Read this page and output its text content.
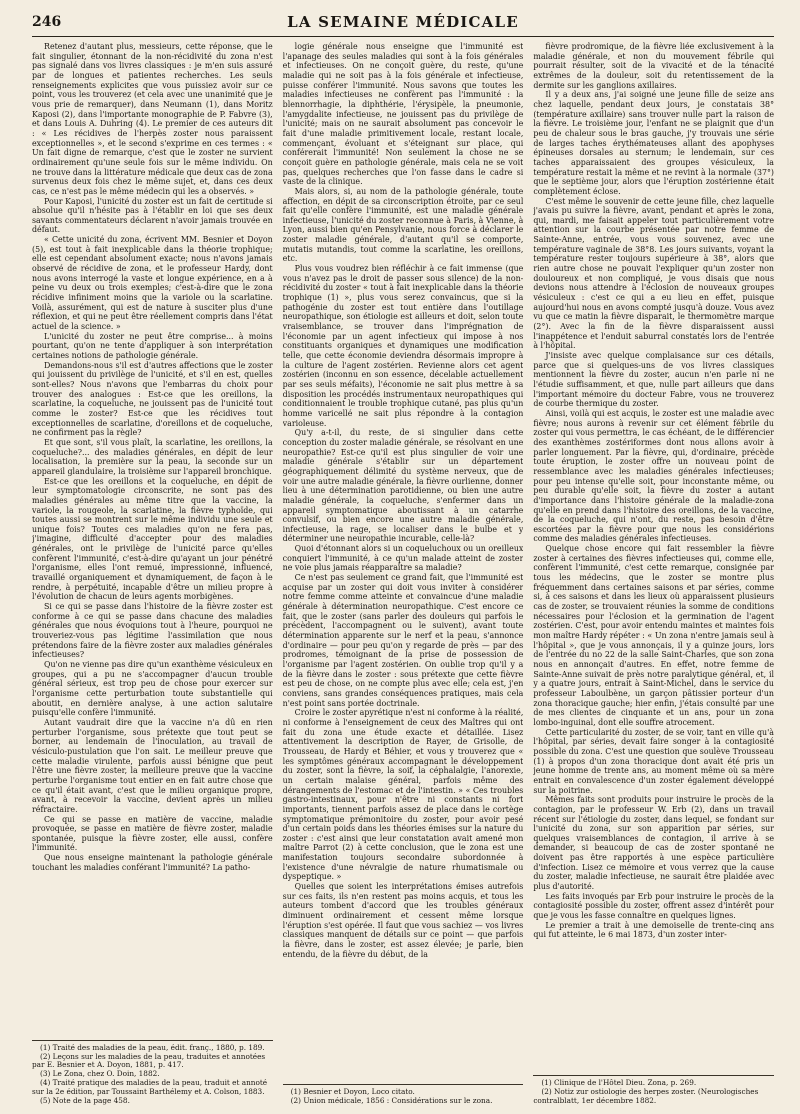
246	LA SEMAINE MÉDICALE

Retenez d'autant plus, messieurs, cette réponse, que le fait singulier, étonnant de la non-récidivité du zona n'est pas signalé dans vos livres classiques : je m'en suis assuré par de longues et patientes recherches. Les seuls renseignements explicites que vous puissiez avoir sur ce point, vous les trouverez (et cela avec une unanimité que je vous prie de remarquer), dans Neumann (1), dans Moritz Kaposi (2), dans l'importante monographie de P. Fabvre (3), et dans Louis A. Duhring (4). Le premier de ces auteurs dit : « Les récidives de l'herpès zoster nous paraissent exceptionnelles », et le second s'exprime en ces termes : « Un fait digne de remarque, c'est que le zoster ne survient ordinairement qu'une seule fois sur le même individu. On ne trouve dans la littérature médicale que deux cas de zona survenus deux fois chez le même sujet, et, dans ces deux cas, ce n'est pas le même médecin qui les a observés. »

Pour Kaposi, l'unicité du zoster est un fait de certitude si absolue qu'il n'hésite pas à l'établir en loi que ses deux savants commentateurs déclarent n'avoir jamais trouvée en défaut.

« Cette unicité du zona, écrivent MM. Besnier et Doyon (5), est tout à fait inexplicable dans la théorie trophique; elle est cependant absolument exacte; nous n'avons jamais observé de récidive de zona, et le professeur Hardy, dont nous avons interrogé la vaste et longue expérience, en a à peine vu deux ou trois exemples; c'est-à-dire que le zona récidive infiniment moins que la variole ou la scarlatine. Voilà, assurément, qui est de nature à susciter plus d'une réflexion, et qui ne peut être réellement compris dans l'état actuel de la science. »

L'unicité du zoster ne peut être comprise... à moins pourtant, qu'on ne tente d'appliquer à son interprétation certaines notions de pathologie générale.

Demandons-nous s'il est d'autres affections que le zoster qui jouissent du privilège de l'unicité, et s'il en est, quelles sont-elles? Nous n'avons que l'embarras du choix pour trouver des analogues : Est-ce que les oreillons, la scarlatine, la coqueluche, ne jouissent pas de l'unicité tout comme le zoster? Est-ce que les récidives tout exceptionnelles de scarlatine, d'oreillons et de coqueluche, ne confirment pas la règle?

Et que sont, s'il vous plaît, la scarlatine, les oreillons, la coqueluche?... des maladies générales, en dépit de leur localisation, la première sur la peau, la seconde sur un appareil glandulaire, la troisième sur l'appareil bronchique.

Est-ce que les oreillons et la coqueluche, en dépit de leur symptomatologie circonscrite, ne sont pas des maladies générales au même titre que la vaccine, la variole, la rougeole, la scarlatine, la fièvre typhoïde, qui toutes aussi se montrent sur le même individu une seule et unique fois? Toutes ces maladies qu'on ne fera pas, j'imagine, difficulté d'accepter pour des maladies générales, ont le privilège de l'unicité parce qu'elles confèrent l'immunité, c'est-à-dire qu'ayant un jour pénétré l'organisme, elles l'ont remué, impressionné, influencé, travaillé organiquement et dynamiquement, de façon à le rendre, à perpétuité, incapable d'être un milieu propre à l'évolution de chacun de leurs agents morbigènes.

Si ce qui se passe dans l'histoire de la fièvre zoster est conforme à ce qui se passe dans chacune des maladies générales que nous évoquions tout à l'heure, pourquoi ne trouveriez-vous pas légitime l'assimilation que nous prétendons faire de la fièvre zoster aux maladies générales infectieuses?

Qu'on ne vienne pas dire qu'un exanthème vésiculeux en groupes, qui a pu ne s'accompagner d'aucun trouble général sérieux, est trop peu de chose pour exercer sur l'organisme cette perturbation toute substantielle qui aboutit, en dernière analyse, à une action salutaire puisqu'elle confère l'immunité.

Autant vaudrait dire que la vaccine n'a dû en rien perturber l'organisme, sous prétexte que tout peut se borner, au lendemain de l'inoculation, au travail de vésiculo-pustulation que l'on sait. Le meilleur preuve que cette maladie virulente, parfois aussi bénigne que peut l'être une fièvre zoster, la meilleure preuve que la vaccine perturbe l'organisme tout entier en en fait autre chose que ce qu'il était avant, c'est que le milieu organique propre, avant, à recevoir la vaccine, devient après un milieu réfractaire.

Ce qui se passe en matière de vaccine, maladie provoquée, se passe en matière de fièvre zoster, maladie spontanée, puisque la fièvre zoster, elle aussi, confère l'immunité.

Que nous enseigne maintenant la pathologie générale touchant les maladies conférant l'immunité? La patho-

(1) Traité des maladies de la peau, édit. franç., 1880, p. 189.

(2) Leçons sur les maladies de la peau, traduites et annotées par E. Besnier et A. Doyon, 1881, p. 417.

(3) Le Zona, chez O. Doin, 1882.

(4) Traité pratique des maladies de la peau, traduit et annoté sur la 2e édition, par Toussaint Barthélemy et A. Colson, 1883.

(5) Note de la page 458.

logie générale nous enseigne que l'immunité est l'apanage des seules maladies qui sont à la fois générales et infectieuses. On ne conçoit guère, du reste, qu'une maladie qui ne soit pas à la fois générale et infectieuse, puisse conférer l'immunité. Nous savons que toutes les maladies infectieuses ne confèrent pas l'immunité : la blennorrhagie, la diphthérie, l'érysipèle, la pneumonie, l'amygdalite infectieuse, ne jouissent pas du privilège de l'unicité; mais on ne saurait absolument pas concevoir le fait d'une maladie primitivement locale, restant locale, commençant, évoluant et s'éteignant sur place, qui conférerait l'immunité! Non seulement la chose ne se conçoit guère en pathologie générale, mais cela ne se voit pas, quelques recherches que l'on fasse dans le cadre si vaste de la clinique.

Mais alors, si, au nom de la pathologie générale, toute affection, en dépit de sa circonscription étroite, par ce seul fait qu'elle confère l'immunité, est une maladie générale infectieuse, l'unicité du zoster reconnue à Paris, à Vienne, à Lyon, aussi bien qu'en Pensylvanie, nous force à déclarer le zoster maladie générale, d'autant qu'il se comporte, mutatis mutandis, tout comme la scarlatine, les oreillons, etc.

Plus vous voudrez bien réfléchir à ce fait immense (que vous n'avez pas le droit de passer sous silence) de la non-récidivité du zoster « tout à fait inexplicable dans la théorie trophique (1) », plus vous serez convaincus, que si la pathogénie du zoster est tout entière dans l'outillage neuropathique, son étiologie est ailleurs et doit, selon toute vraisemblance, se trouver dans l'imprégnation de l'économie par un agent infectieux qui impose à nos constituants organiques et dynamiques une modification telle, que cette économie deviendra désormais impropre à la culture de l'agent zostérien. Revienne alors cet agent zostérien (inconnu en son essence, décelable actuellement par ses seuls méfaits), l'économie ne sait plus mettre à sa disposition les procédés instrumentaux neuropathiques qui conditionnaient le trouble trophique cutané, pas plus qu'un homme varicellé ne sait plus répondre à la contagion varioleuse.

Qu'y a-t-il, du reste, de si singulier dans cette conception du zoster maladie générale, se résolvant en une neuropathie? Est-ce qu'il est plus singulier de voir une maladie générale s'établir sur un département géographiquement délimité du système nerveux, que de voir une autre maladie générale, la fièvre ourlienne, donner lieu à une détermination parotidienne, ou bien une autre maladie générale, la coqueluche, s'enfermer dans un appareil symptomatique aboutissant à un catarrhe convulsif, ou bien encore une autre maladie générale, infectieuse, la rage, se localiser dans le bulbe et y déterminer une neuropathie incurable, celle-là?

Quoi d'étonnant alors si un coqueluchoux ou un oreilleux conquiert l'immunité, à ce qu'un malade atteint de zoster ne voie plus jamais réapparaître sa maladie?

Ce n'est pas seulement ce grand fait, que l'immunité est acquise par un zoster qui doit vous inviter à considérer notre femme comme atteinte et convaincue d'une maladie générale à détermination neuropathique. C'est encore ce fait, que le zoster (sans parler des douleurs qui parfois le précèdent, l'accompagnent ou le suivent), avant toute détermination apparente sur le nerf et la peau, s'annonce d'ordinaire — pour peu qu'on y regarde de près — par des prodromes, témoignant de la prise de possession de l'organisme par l'agent zostérien. On oublie trop qu'il y a de la fièvre dans le zoster : sous prétexte que cette fièvre est peu de chose, on ne compte plus avec elle; cela est, j'en conviens, sans grandes conséquences pratiques, mais cela n'est point sans portée doctrinale.

Croire le zoster apyrétique n'est ni conforme à la réalité, ni conforme à l'enseignement de ceux des Maîtres qui ont fait du zona une étude exacte et détaillée. Lisez attentivement la description de Rayer, de Grisolle, de Trousseau, de Hardy et Béhier, et vous y trouverez que « les symptômes généraux accompagnant le développement du zoster, sont la fièvre, la soif, la céphalalgie, l'anorexie, un certain malaise général, parfois même des dérangements de l'estomac et de l'intestin. » « Ces troubles gastro-intestinaux, pour n'être ni constants ni fort importants, tiennent parfois assez de place dans le cortège symptomatique prémonitoire du zoster, pour avoir pesé d'un certain poids dans les théories émises sur la nature du zoster : c'est ainsi que leur constatation avait amené mon maître Parrot (2) à cette conclusion, que le zona est une manifestation toujours secondaire subordonnée à l'existence d'une névralgie de nature rhumatismale ou dyspeptique. »

Quelles que soient les interprétations émises autrefois sur ces faits, ils n'en restent pas moins acquis, et tous les auteurs tombent d'accord que les troubles généraux diminuent ordinairement et cessent même lorsque l'éruption s'est opérée. Il faut que vous sachiez — vos livres classiques manquent de détails sur ce point — que parfois la fièvre, dans le zoster, est assez élevée; je parle, bien entendu, de la fièvre du début, de la

(1) Besnier et Doyon, Loco citato.

(2) Union médicale, 1856 : Considérations sur le zona.

fièvre prodromique, de la fièvre liée exclusivement à la maladie générale, et non du mouvement fébrile qui pourrait résulter, soit de la vivacité et de la ténacité extrêmes de la douleur, soit du retentissement de la dermite sur les ganglions axillaires.

Il y a deux ans, j'ai soigné une jeune fille de seize ans chez laquelle, pendant deux jours, je constatais 38° (température axillaire) sans trouver nulle part la raison de la fièvre. Le troisième jour, l'enfant ne se plaignit que d'un peu de chaleur sous le bras gauche, j'y trouvais une série de larges taches érythémateuses allant des apophyses épineuses dorsales au sternum; le lendemain, sur ces taches apparaissaient des groupes vésiculeux, la température restait la même et ne revint à la normale (37°) que le septième jour, alors que l'éruption zostérienne était complètement éclose.

C'est même le souvenir de cette jeune fille, chez laquelle j'avais pu suivre la fièvre, avant, pendant et après le zona, qui, mardi, me faisait appeler tout particulièrement votre attention sur la courbe présentée par notre femme de Sainte-Anne, entrée, vous vous souvenez, avec une température vaginale de 38°8. Les jours suivants, voyant la température rester toujours supérieure à 38°, alors que rien autre chose ne pouvait l'expliquer qu'un zoster non douloureux et non compliqué, je vous disais que nous devions nous attendre à l'éclosion de nouveaux groupes vésiculeux : c'est ce qui a eu lieu en effet, puisque aujourd'hui nous en avons compté jusqu'à douze. Vous avez vu que ce matin la fièvre disparait, le thermomètre marque (2°). Avec la fin de la fièvre disparaissent aussi l'inappétence et l'enduit saburral constatés lors de l'entrée à l'hôpital.

J'insiste avec quelque complaisance sur ces détails, parce que si quelques-uns de vos livres classiques mentionnent la fièvre du zoster, aucun n'en parle ni ne l'étudie suffisamment, et que, nulle part ailleurs que dans l'important mémoire du docteur Fabre, vous ne trouverez de courbe thermique du zoster.

Ainsi, voilà qui est acquis, le zoster est une maladie avec fièvre; nous aurons à revenir sur cet élément fébrile du zoster qui vous permettra, le cas échéant, de le différencier des exanthèmes zostériformes dont nous allons avoir à parler longuement. Par la fièvre, qui, d'ordinaire, précède toute éruption, le zoster offre un nouveau point de ressemblance avec les maladies générales infectieuses; pour peu intense qu'elle soit, pour inconstante même, ou peu durable qu'elle soit, la fièvre du zoster a autant d'importance dans l'histoire générale de la maladie-zona qu'elle en prend dans l'histoire des oreillons, de la vaccine, de la coqueluche, qui n'ont, du reste, pas besoin d'être escortées par la fièvre pour que nous les considérions comme des maladies générales infectieuses.

Quelque chose encore qui fait ressembler la fièvre zoster à certaines des fièvres infectieuses qui, comme elle, confèrent l'immunité, c'est cette remarque, consignée par tous les médecins, que le zoster se montre plus fréquemment dans certaines saisons et par séries, comme si, à ces saisons et dans les lieux où apparaissent plusieurs cas de zoster, se trouvaient réunies la somme de conditions nécessaires pour l'éclosion et la germination de l'agent zostérien. C'est, pour avoir entendu maintes et maintes fois mon maître Hardy répéter : « Un zona n'entre jamais seul à l'hôpital », que je vous annonçais, il y a quinze jours, lors de l'entrée du no 22 de la salle Saint-Charles, que son zona nous en annonçait d'autres. En effet, notre femme de Sainte-Anne suivait de près notre paralytique général, et, il y a quatre jours, entrait à Saint-Michel, dans le service du professeur Laboulbène, un garçon pâtissier porteur d'un zona thoracique gauche; hier enfin, j'étais consulté par une de mes clientes de cinquante et un ans, pour un zona lombo-inguinal, dont elle souffre atrocement.

Cette particularité du zoster, de se voir, tant en ville qu'à l'hôpital, par séries, devait faire songer à la contagiosité possible du zona. C'est une question que soulève Trousseau (1) à propos d'un zona thoracique dont avait été pris un jeune homme de trente ans, au moment même où sa mère entrait en convalescence d'un zoster également développé sur la poitrine.

Mêmes faits sont produits pour instruire le procès de la contagion, par le professeur W. Erb (2), dans un travail récent sur l'étiologie du zoster, dans lequel, se fondant sur l'unicité du zona, sur son apparition par séries, sur quelques vraisemblances de contagion, il arrive à se demander, si beaucoup de cas de zoster spontané ne doivent pas être rapportés à une espèce particulière d'infection. Lisez ce mémoire et vous verrez que la cause du zoster, maladie infectieuse, ne saurait être plaidée avec plus d'autorité.

Les faits invoqués par Erb pour instruire le procès de la contagiosité possible du zoster, offrent assez d'intérêt pour que je vous les fasse connaître en quelques lignes.

Le premier a trait à une demoiselle de trente-cinq ans qui fut atteinte, le 6 mai 1873, d'un zoster inter-

(1) Clinique de l'Hôtel Dieu. Zona, p. 269.

(2) Notiz zur ostiologie des herpes zoster. (Neurologisches contralblatt, 1er décembre 1882.
